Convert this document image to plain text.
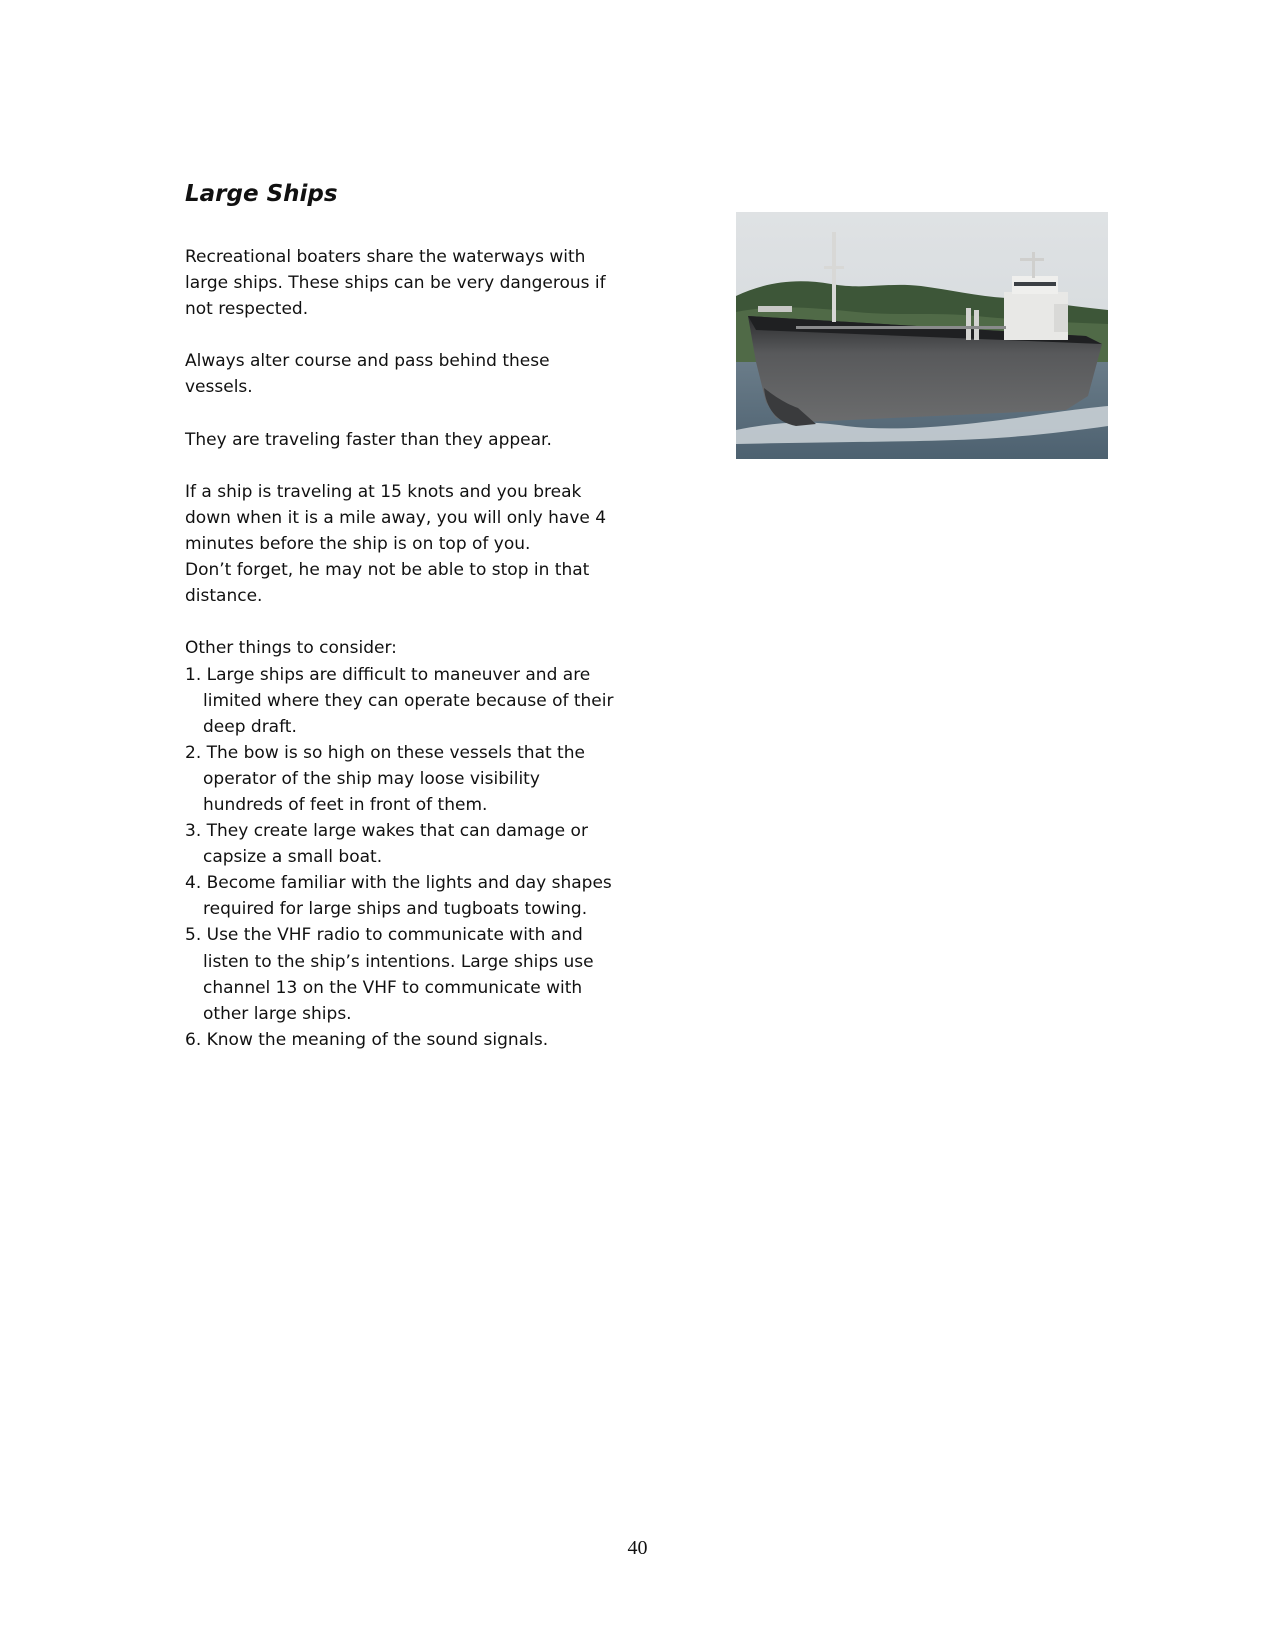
Large Ships

Recreational boaters share the waterways with large ships. These ships can be very dangerous if not respected.

Always alter course and pass behind these vessels.

They are traveling faster than they appear.

If a ship is traveling at 15 knots and you break down when it is a mile away, you will only have 4 minutes before the ship is on top of you.

Don’t forget, he may not be able to stop in that distance.

Other things to consider:

1. Large ships are difficult to maneuver and are limited where they can operate because of their deep draft.
2. The bow is so high on these vessels that the operator of the ship may loose visibility hundreds of feet in front of them.
3. They create large wakes that can damage or capsize a small boat.
4. Become familiar with the lights and day shapes required for large ships and tugboats towing.
5. Use the VHF radio to communicate with and listen to the ship’s intentions. Large ships use channel 13 on the VHF to communicate with other large ships.
6. Know the meaning of the sound signals.
40
